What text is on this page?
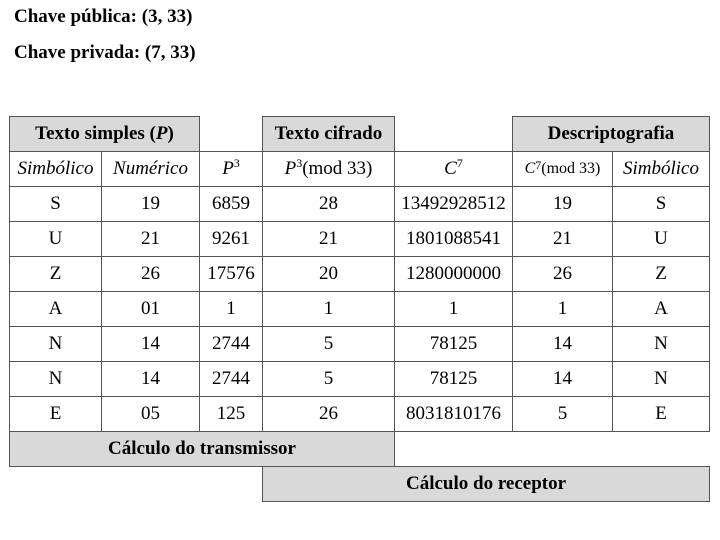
Chave pública: (3, 33)
Chave privada: (7, 33)
Texto simples (P)			Texto cifrado		Descriptografia	
Simbólico	Numérico	$P^3$	$P^3(mod$ 33)	$C^7$	$C^7(mod$ 33)	Simbólico
S	19	6859	28	13492928512	19	S
U	21	9261	21	1801088541	21	U
Z	26	17576	20	1280000000	26	Z
A	01	1	1	1	1	A
N	14	2744	5	78125	14	N
N	14	2744	5	78125	14	N
E	05	125	26	8031810176	5	E
Cálculo do transmissor						
			Cálculo do receptor			
